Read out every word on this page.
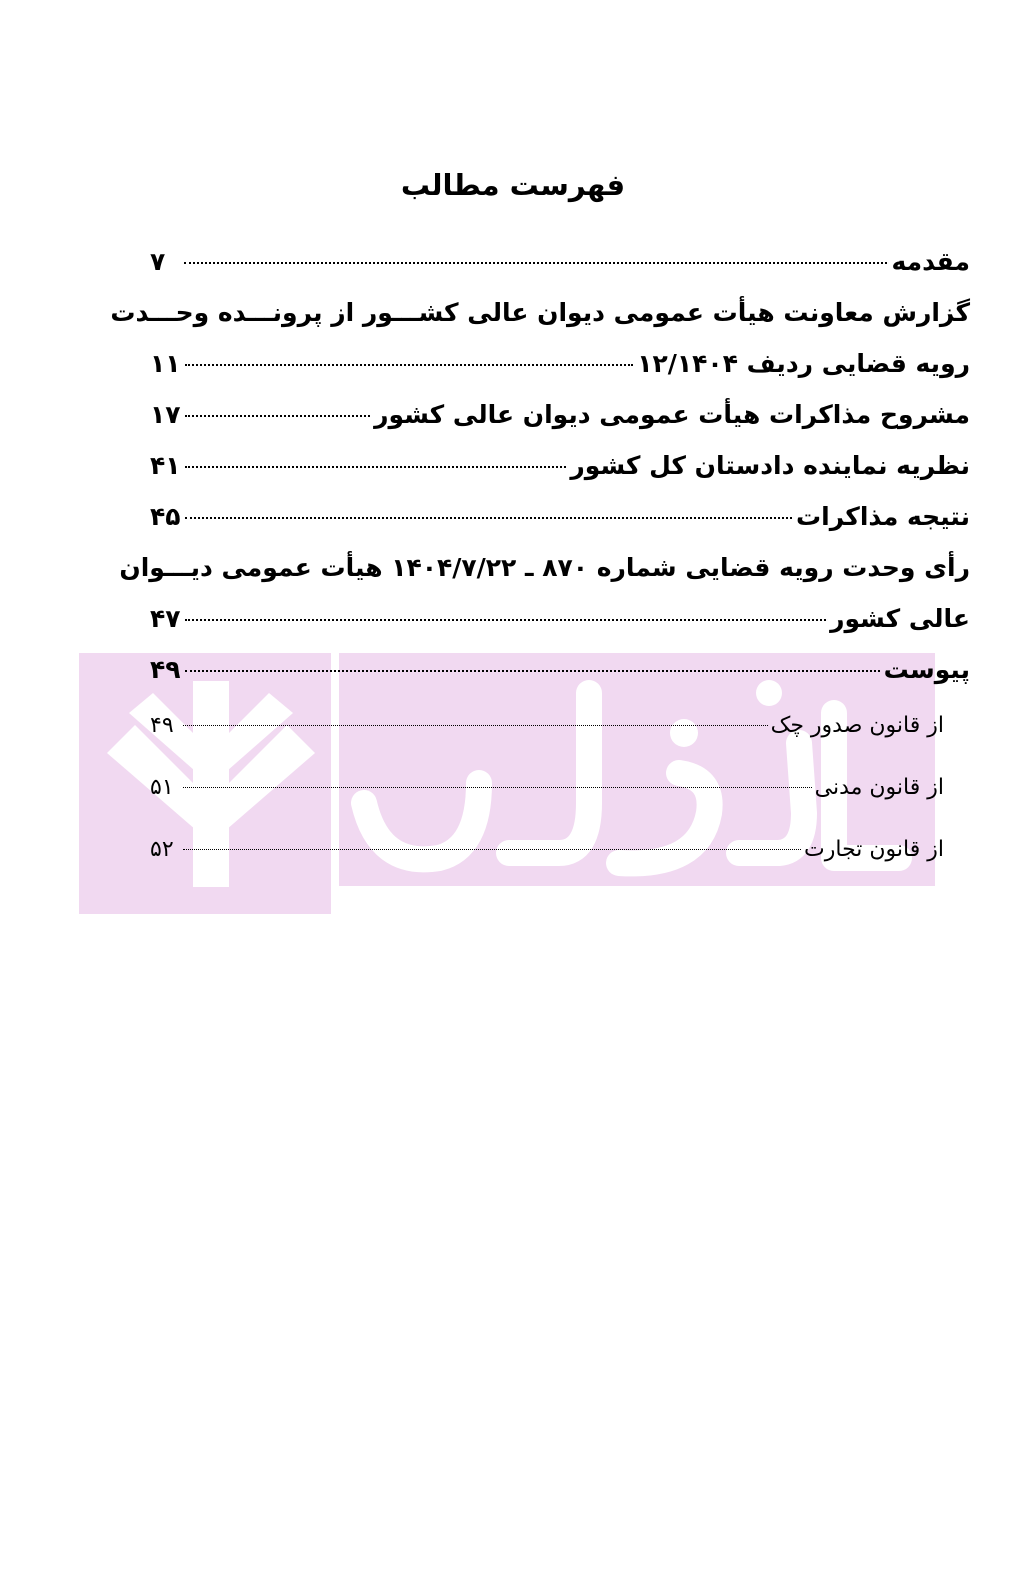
فهرست مطالب
مقدمه
۷
گزارش معاونت هیأت عمومی دیوان عالی کشـــور از پرونـــده وحـــدت
رویه قضایی ردیف ۱۲/۱۴۰۴
۱۱
مشروح مذاکرات هیأت عمومی دیوان عالی کشور
۱۷
نظریه نماینده دادستان کل کشور
۴۱
نتیجه مذاکرات
۴۵
رأی وحدت رویه قضایی شماره ۸۷۰ ـ ۱۴۰۴/۷/۲۲ هیأت عمومی دیـــوان
عالی کشور
۴۷
پیوست
۴۹
از قانون صدور چک
۴۹
از قانون مدنی
۵۱
از قانون تجارت
۵۲
